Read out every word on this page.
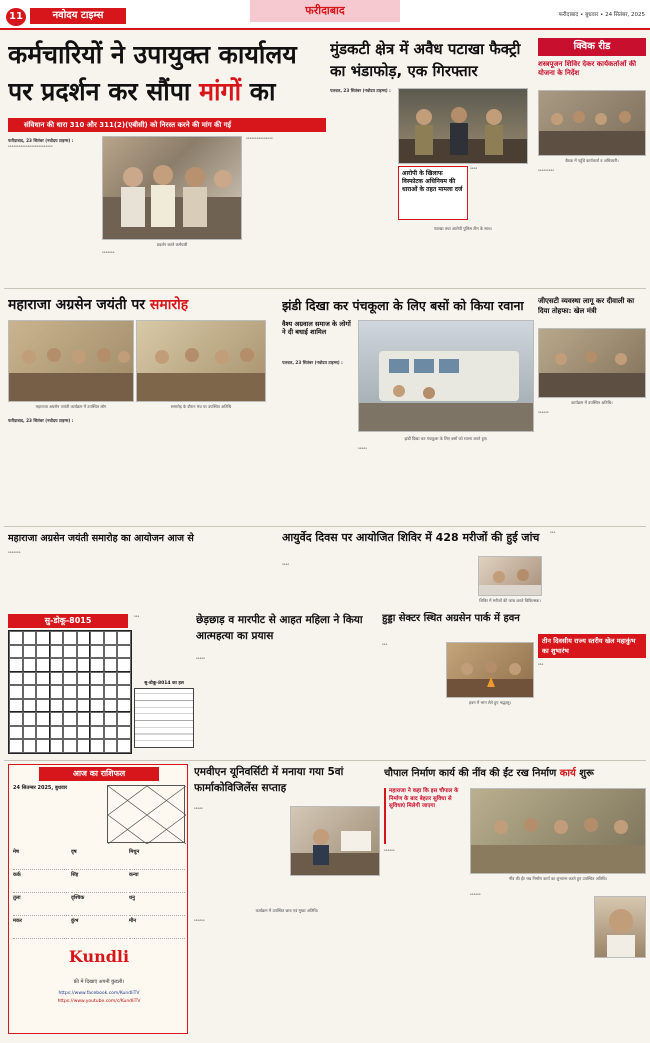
11	नवोदय टाइम्स	फरीदाबाद	फरीदाबाद • बुधवार • 24 सितंबर, 2025
कर्मचारियों ने उपायुक्त कार्यालय पर प्रदर्शन कर सौंपा मांगों का
संविधान की धारा 310 और 311(2)(एबीसी) को निरस्त करने की मांग की गई

फरीदाबाद, 23 सितंबर (नवोदय टाइम्स) :

॰॰॰॰॰॰॰॰॰॰॰॰॰॰॰॰॰॰॰॰॰॰॰॰॰

प्रदर्शन करते कर्मचारी

॰॰॰॰॰॰॰॰॰॰॰॰॰॰॰

॰॰॰॰॰॰॰

मुंडकटी क्षेत्र में अवैध पटाखा फैक्ट्री का भंडाफोड़, एक गिरफ्तार

पलवल, 23 सितंबर (नवोदय टाइम्स) :

आरोपी के खिलाफ विस्फोटक अधिनियम की धाराओं के तहत मामला दर्ज
पटाखा तथा आरोपी पुलिस टीम के साथ।

॰॰॰॰

क्विक रीड
शस्त्रपूजन शिविर देकर कार्यकर्ताओं की योजना के निर्देश
बैठक में पहुँचे कार्यकर्ता व अधिकारी।

॰॰॰॰॰॰॰॰॰

महाराजा अग्रसेन जयंती पर समारोह
महाराजा अग्रसेन जयंती कार्यक्रम में उपस्थित लोग	समारोह के दौरान मंच पर उपस्थित अतिथि

फरीदाबाद, 23 सितंबर (नवोदय टाइम्स) :

झंडी दिखा कर पंचकूला के लिए बसों को किया रवाना
वैश्य अग्रवाल समाज के लोगों ने दी बधाई शामिल

पलवल, 23 सितंबर (नवोदय टाइम्स) :

झंडी दिखा कर पंचकूला के लिए बसों को रवाना करते हुए।

॰॰॰॰॰

जीएसटी व्यवस्था लागू कर दीवाली का दिया तोहफा: खेल मंत्री
कार्यक्रम में उपस्थित अतिथि।

॰॰॰॰॰॰

महाराजा अग्रसेन जयंती समारोह का आयोजन आज से

॰॰॰॰॰॰॰

आयुर्वेद दिवस पर आयोजित शिविर में 428 मरीजों की हुई जांच

॰॰॰॰

शिविर में मरीजों की जांच करते चिकित्सक।

॰॰॰

तीन दिवसीय राज्य स्तरीय खेल महाकुंभ का शुभारंभ

॰॰॰

सु-डोकू-8015	॰॰॰

सु-डोकू-8014 का हल
छेड़छाड़ व मारपीट से आहत महिला ने किया आत्महत्या का प्रयास

॰॰॰॰॰

हुड्डा सेक्टर स्थित अग्रसेन पार्क में हवन

॰॰॰

हवन में भाग लेते हुए श्रद्धालु।
आज का राशिफल
24 सितम्बर 2025, बुधवार
मेष	वृष	मिथुन
कर्क	सिंह	कन्या
तुला	वृश्चिक	धनु
मकर	कुंभ	मीन
Kundli
फ्री में दिखाएं अपनी कुंडली।
https://www.facebook.com/KundliTV
https://www.youtube.com/c/KundliTV
एमवीएन यूनिवर्सिटी में मनाया गया 5वां फार्माकोविजिलेंस सप्ताह

॰॰॰॰॰

कार्यक्रम में उपस्थित छात्र एवं मुख्य अतिथि।

॰॰॰॰॰॰

चौपाल निर्माण कार्य की नींव की ईंट रख निर्माण कार्य शुरू
महाराजा ने कहा कि इस चौपाल के निर्माण के बाद बेहतर सुविधा से सुविधाएं मिलेगी जाएगा

॰॰॰॰॰॰

नींव की ईंट रख निर्माण कार्य का शुभारंभ करते हुए उपस्थित अतिथि।

॰॰॰॰॰॰
